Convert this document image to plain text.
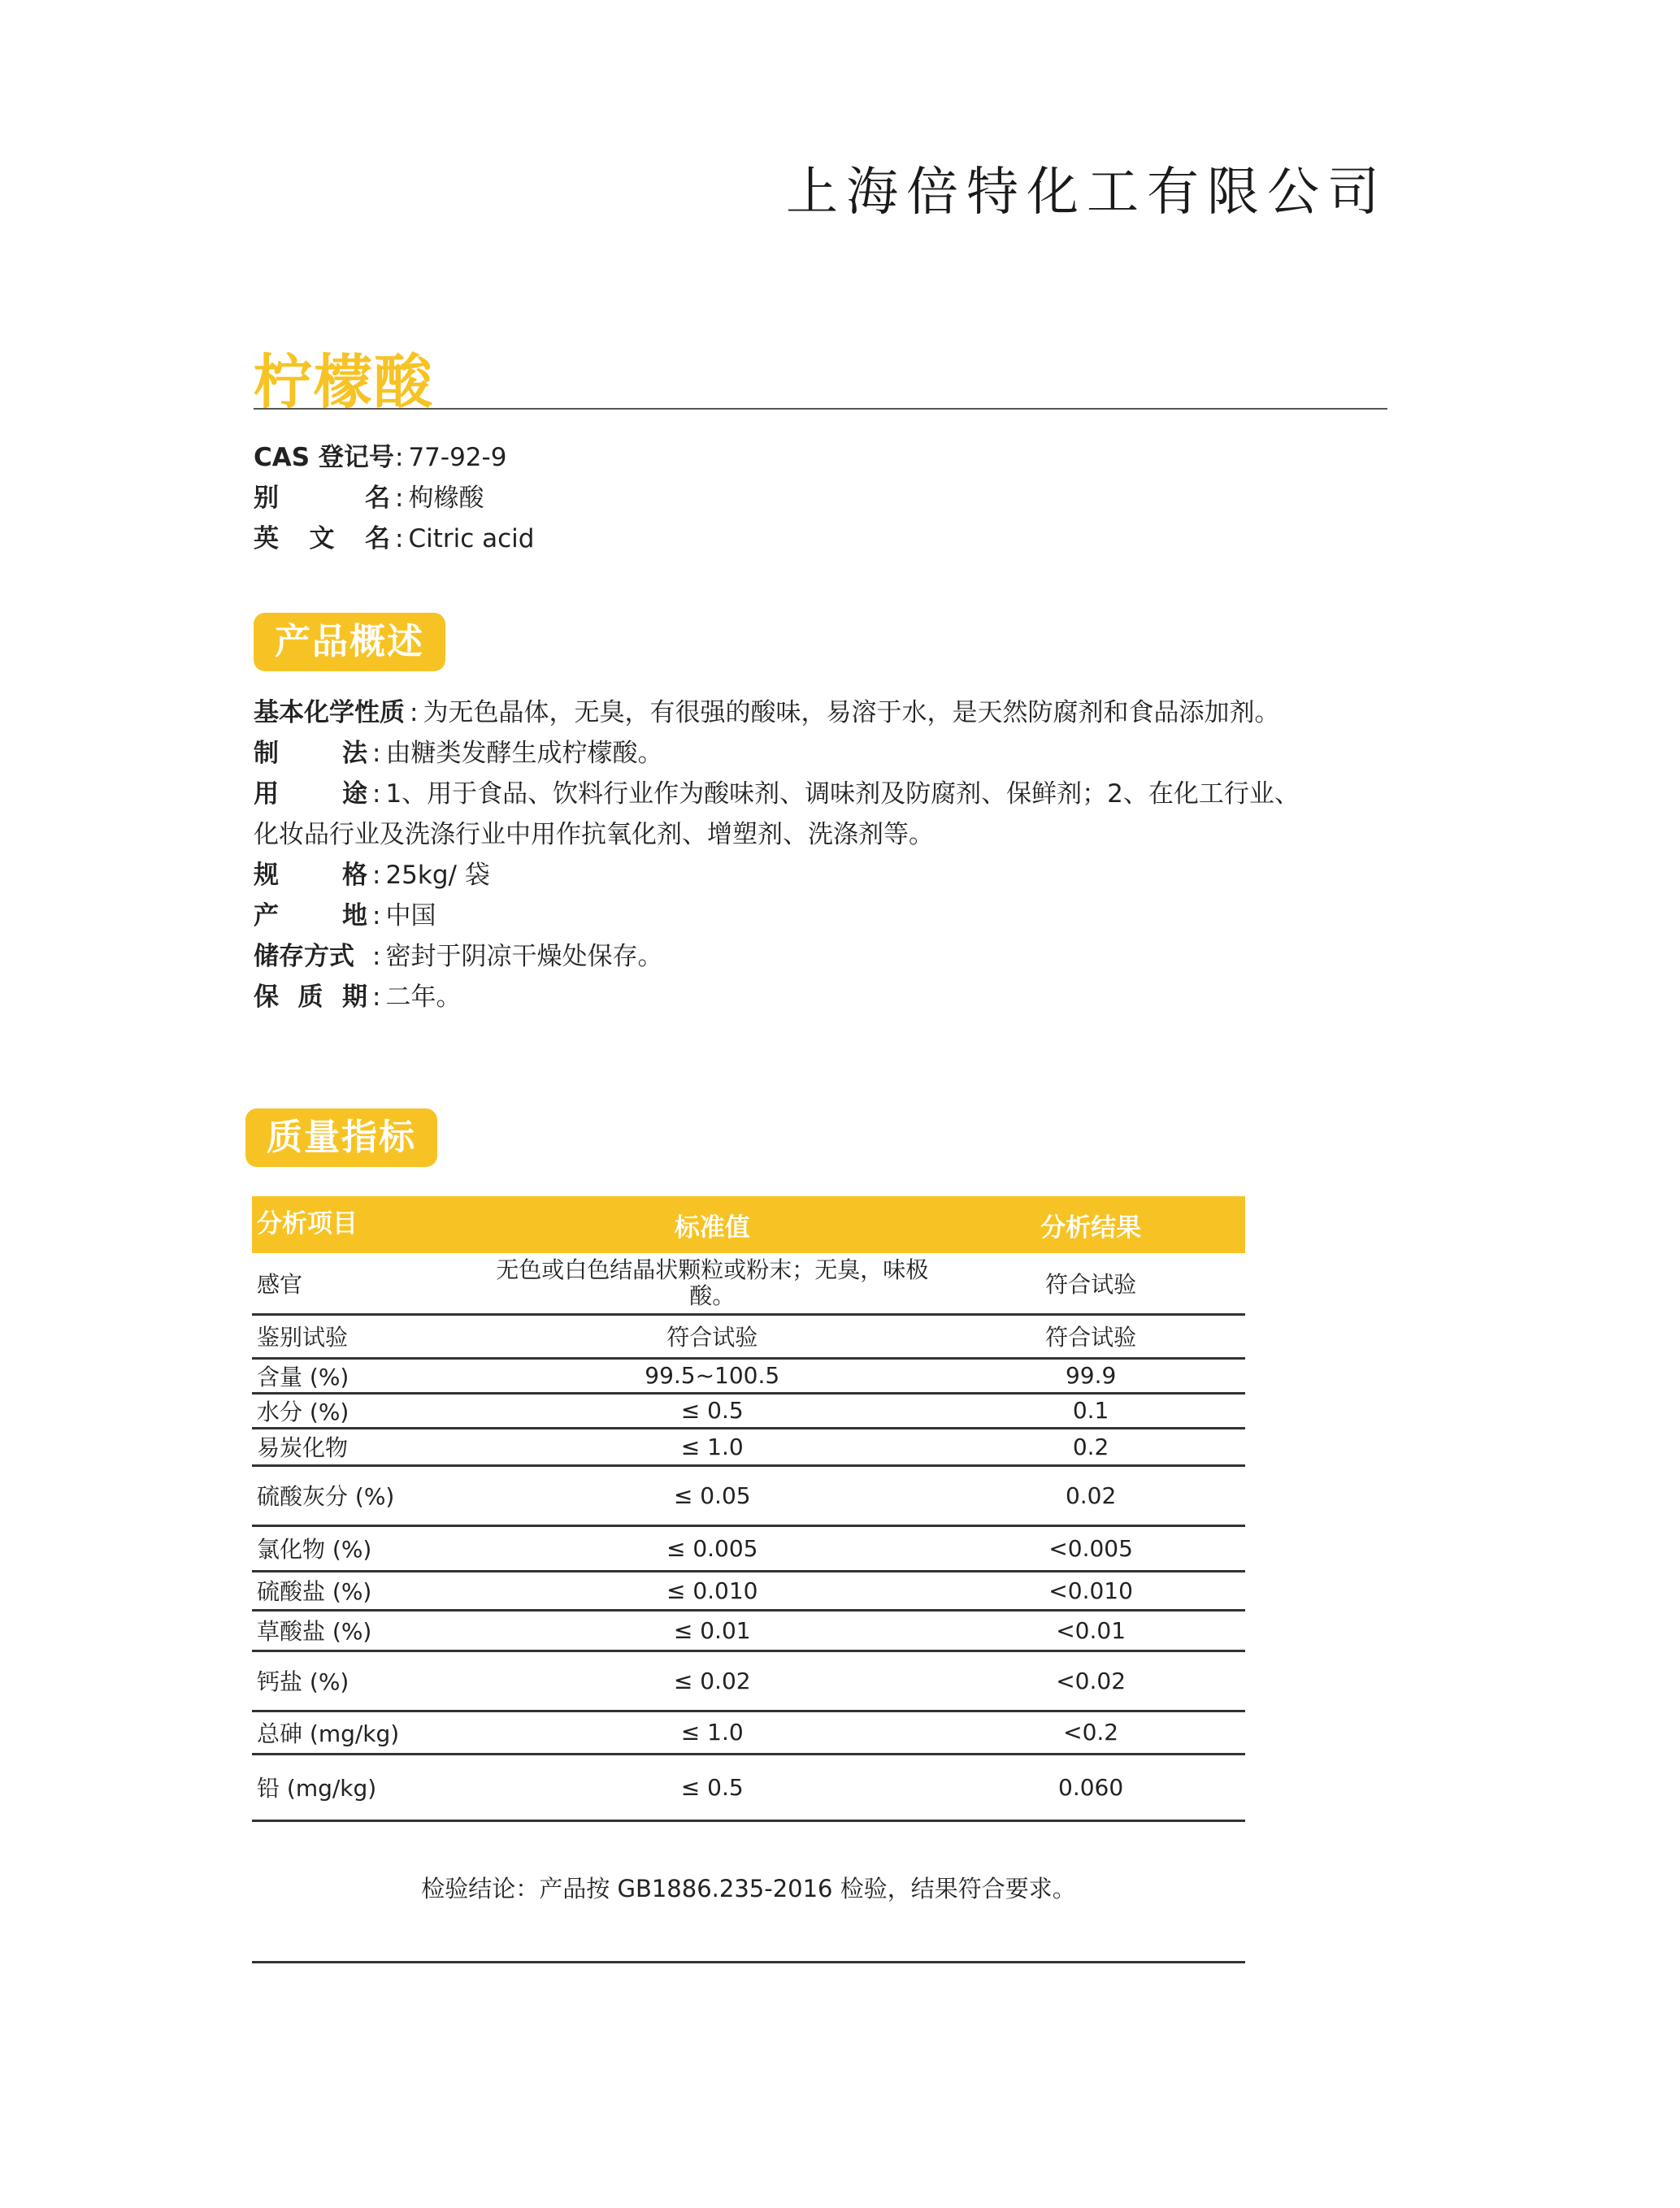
上海倍特化工有限公司
柠檬酸
CAS 登记号: 77-92-9
别名 : 枸橼酸
英文名 : Citric acid
产品概述
基本化学性质 : 为无色晶体，无臭，有很强的酸味，易溶于水，是天然防腐剂和食品添加剂。
制法 : 由糖类发酵生成柠檬酸。
用途 : 1、用于食品、饮料行业作为酸味剂、调味剂及防腐剂、保鲜剂；2、在化工行业、
化妆品行业及洗涤行业中用作抗氧化剂、增塑剂、洗涤剂等。
规格 : 25kg/ 袋
产地 : 中国
储存方式 : 密封于阴凉干燥处保存。
保质期 : 二年。
质量指标
分析项目	标准值	分析结果
感官	无色或白色结晶状颗粒或粉末；无臭，味极酸。	符合试验
鉴别试验	符合试验	符合试验
含量 (%)	99.5~100.5	99.9
水分 (%)	≤ 0.5	0.1
易炭化物	≤ 1.0	0.2
硫酸灰分 (%)	≤ 0.05	0.02
氯化物 (%)	≤ 0.005	<0.005
硫酸盐 (%)	≤ 0.010	<0.010
草酸盐 (%)	≤ 0.01	<0.01
钙盐 (%)	≤ 0.02	<0.02
总砷 (mg/kg)	≤ 1.0	<0.2
铅 (mg/kg)	≤ 0.5	0.060
检验结论：产品按 GB1886.235-2016 检验，结果符合要求。
